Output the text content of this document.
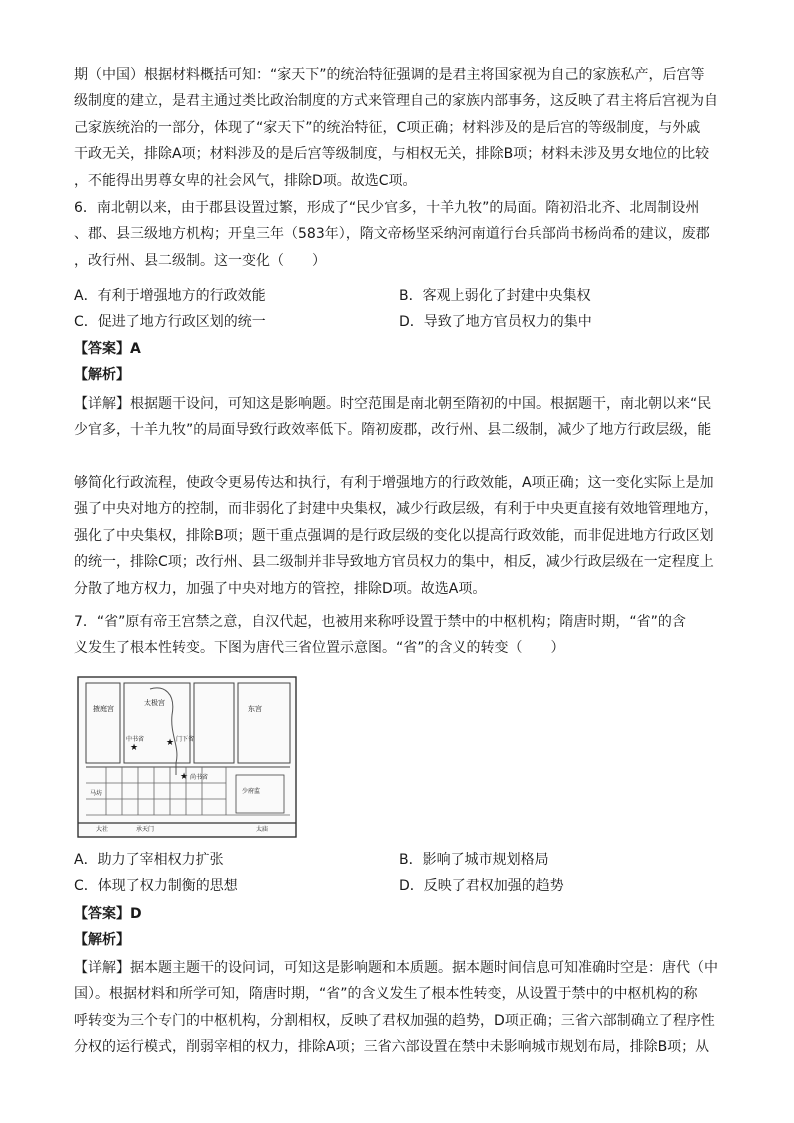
期（中国）根据材料概括可知：“家天下”的统治特征强调的是君主将国家视为自己的家族私产，后宫等
级制度的建立，是君主通过类比政治制度的方式来管理自己的家族内部事务，这反映了君主将后宫视为自
己家族统治的一部分，体现了“家天下”的统治特征，C项正确；材料涉及的是后宫的等级制度，与外戚
干政无关，排除A项；材料涉及的是后宫等级制度，与相权无关，排除B项；材料未涉及男女地位的比较
，不能得出男尊女卑的社会风气，排除D项。故选C项。
6．南北朝以来，由于郡县设置过繁，形成了“民少官多，十羊九牧”的局面。隋初沿北齐、北周制设州
、郡、县三级地方机构；开皇三年（583年），隋文帝杨坚采纳河南道行台兵部尚书杨尚希的建议，废郡
，改行州、县二级制。这一变化（　　）
A．有利于增强地方的行政效能	B．客观上弱化了封建中央集权
C．促进了地方行政区划的统一	D．导致了地方官员权力的集中
【答案】A
【解析】
【详解】根据题干设问，可知这是影响题。时空范围是南北朝至隋初的中国。根据题干，南北朝以来“民
少官多，十羊九牧”的局面导致行政效率低下。隋初废郡，改行州、县二级制，减少了地方行政层级，能
够简化行政流程，使政令更易传达和执行，有利于增强地方的行政效能，A项正确；这一变化实际上是加
强了中央对地方的控制，而非弱化了封建中央集权，减少行政层级，有利于中央更直接有效地管理地方，
强化了中央集权，排除B项；题干重点强调的是行政层级的变化以提高行政效能，而非促进地方行政区划
的统一，排除C项；改行州、县二级制并非导致地方官员权力的集中，相反，减少行政层级在一定程度上
分散了地方权力，加强了中央对地方的管控，排除D项。故选A项。
7．“省”原有帝王宫禁之意，自汉代起，也被用来称呼设置于禁中的中枢机构；隋唐时期，“省”的含
义发生了根本性转变。下图为唐代三省位置示意图。“省”的含义的转变（　　）
★	★
★
掖庭宫
太极宫
东宫
中书省	门下省
尚书省
少府监
马坊
大社	承天门	太庙
A．助力了宰相权力扩张	B．影响了城市规划格局
C．体现了权力制衡的思想	D．反映了君权加强的趋势
【答案】D
【解析】
【详解】据本题主题干的设问词，可知这是影响题和本质题。据本题时间信息可知准确时空是：唐代（中
国）。根据材料和所学可知，隋唐时期，“省”的含义发生了根本性转变，从设置于禁中的中枢机构的称
呼转变为三个专门的中枢机构，分割相权，反映了君权加强的趋势，D项正确；三省六部制确立了程序性
分权的运行模式，削弱宰相的权力，排除A项；三省六部设置在禁中未影响城市规划布局，排除B项；从
